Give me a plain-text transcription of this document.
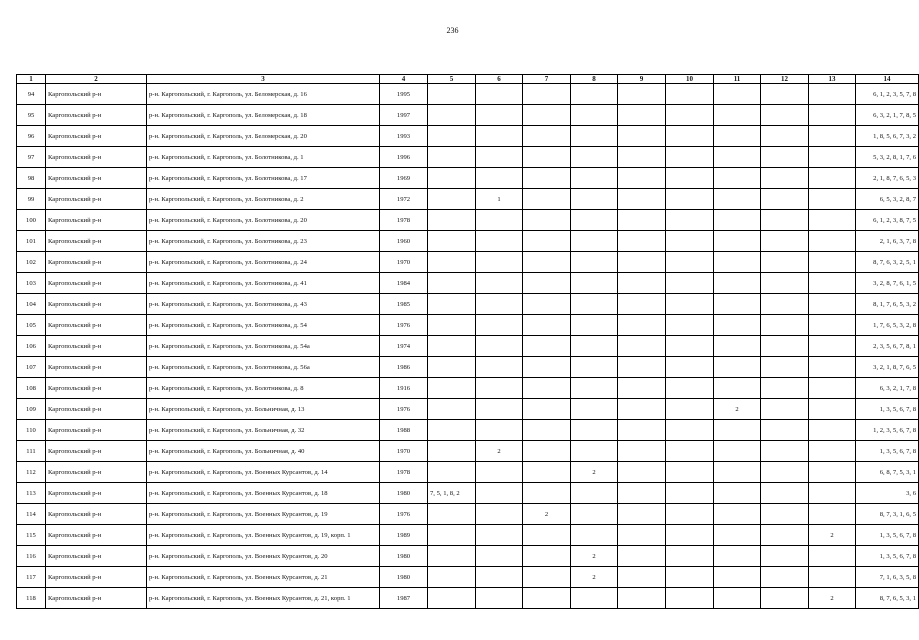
236
1	2	3	4	5	6	7	8	9	10	11	12	13	14
94	Каргопольский р-н	р-н. Каргопольский, г. Каргополь, ул. Беломерская, д. 16	1995										6, 1, 2, 3, 5, 7, 8
95	Каргопольский р-н	р-н. Каргопольский, г. Каргополь, ул. Беломерская, д. 18	1997										6, 3, 2, 1, 7, 8, 5
96	Каргопольский р-н	р-н. Каргопольский, г. Каргополь, ул. Беломерская, д. 20	1993										1, 8, 5, 6, 7, 3, 2
97	Каргопольский р-н	р-н. Каргопольский, г. Каргополь, ул. Болотникова, д. 1	1996										5, 3, 2, 8, 1, 7, 6
98	Каргопольский р-н	р-н. Каргопольский, г. Каргополь, ул. Болотникова, д. 17	1969										2, 1, 8, 7, 6, 5, 3
99	Каргопольский р-н	р-н. Каргопольский, г. Каргополь, ул. Болотникова, д. 2	1972		1								6, 5, 3, 2, 8, 7
100	Каргопольский р-н	р-н. Каргопольский, г. Каргополь, ул. Болотникова, д. 20	1978										6, 1, 2, 3, 8, 7, 5
101	Каргопольский р-н	р-н. Каргопольский, г. Каргополь, ул. Болотникова, д. 23	1960										2, 1, 6, 3, 7, 8
102	Каргопольский р-н	р-н. Каргопольский, г. Каргополь, ул. Болотникова, д. 24	1970										8, 7, 6, 3, 2, 5, 1
103	Каргопольский р-н	р-н. Каргопольский, г. Каргополь, ул. Болотникова, д. 41	1984										3, 2, 8, 7, 6, 1, 5
104	Каргопольский р-н	р-н. Каргопольский, г. Каргополь, ул. Болотникова, д. 43	1985										8, 1, 7, 6, 5, 3, 2
105	Каргопольский р-н	р-н. Каргопольский, г. Каргополь, ул. Болотникова, д. 54	1976										1, 7, 6, 5, 3, 2, 8
106	Каргопольский р-н	р-н. Каргопольский, г. Каргополь, ул. Болотникова, д. 54а	1974										2, 3, 5, 6, 7, 8, 1
107	Каргопольский р-н	р-н. Каргопольский, г. Каргополь, ул. Болотникова, д. 56а	1986										3, 2, 1, 8, 7, 6, 5
108	Каргопольский р-н	р-н. Каргопольский, г. Каргополь, ул. Болотникова, д. 8	1916										6, 3, 2, 1, 7, 8
109	Каргопольский р-н	р-н. Каргопольский, г. Каргополь, ул. Больничная, д. 13	1976							2			1, 3, 5, 6, 7, 8
110	Каргопольский р-н	р-н. Каргопольский, г. Каргополь, ул. Больничная, д. 32	1988										1, 2, 3, 5, 6, 7, 8
111	Каргопольский р-н	р-н. Каргопольский, г. Каргополь, ул. Больничная, д. 40	1970		2								1, 3, 5, 6, 7, 8
112	Каргопольский р-н	р-н. Каргопольский, г. Каргополь, ул. Военных Курсантов, д. 14	1978				2						6, 8, 7, 5, 3, 1
113	Каргопольский р-н	р-н. Каргопольский, г. Каргополь, ул. Военных Курсантов, д. 18	1980	7, 5, 1, 8, 2									3, 6
114	Каргопольский р-н	р-н. Каргопольский, г. Каргополь, ул. Военных Курсантов, д. 19	1976			2							8, 7, 3, 1, 6, 5
115	Каргопольский р-н	р-н. Каргопольский, г. Каргополь, ул. Военных Курсантов, д. 19, корп. 1	1989									2	1, 3, 5, 6, 7, 8
116	Каргопольский р-н	р-н. Каргопольский, г. Каргополь, ул. Военных Курсантов, д. 20	1980				2						1, 3, 5, 6, 7, 8
117	Каргопольский р-н	р-н. Каргопольский, г. Каргополь, ул. Военных Курсантов, д. 21	1980				2						7, 1, 6, 3, 5, 8
118	Каргопольский р-н	р-н. Каргопольский, г. Каргополь, ул. Военных Курсантов, д. 21, корп. 1	1987									2	8, 7, 6, 5, 3, 1
